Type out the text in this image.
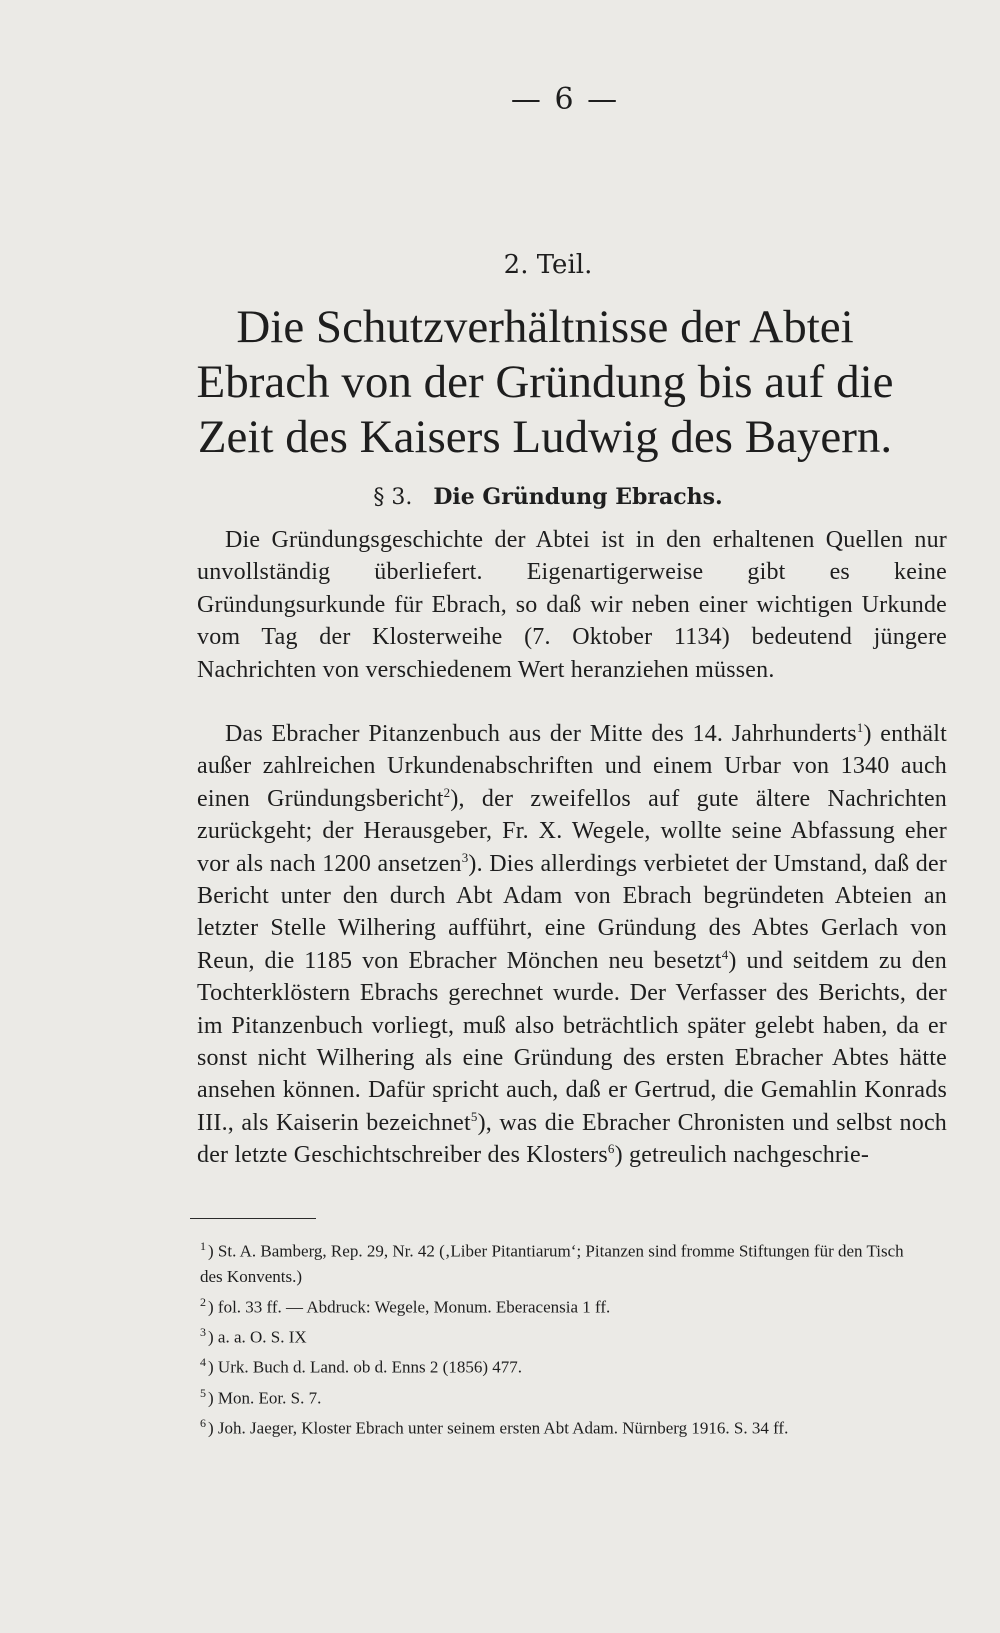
— 6 —
2. Teil.
Die Schutzverhältnisse der Abtei Ebrach von der Gründung bis auf die Zeit des Kaisers Ludwig des Bayern.
§ 3. Die Gründung Ebrachs.
Die Gründungsgeschichte der Abtei ist in den erhaltenen Quellen nur unvollständig überliefert. Eigenartigerweise gibt es keine Gründungsurkunde für Ebrach, so daß wir neben einer wichtigen Urkunde vom Tag der Klosterweihe (7. Oktober 1134) bedeutend jüngere Nachrichten von verschiedenem Wert heranziehen müssen.
Das Ebracher Pitanzenbuch aus der Mitte des 14. Jahrhunderts$^1$) enthält außer zahlreichen Urkundenabschriften und einem Urbar von 1340 auch einen Gründungsbericht$^2$), der zweifellos auf gute ältere Nachrichten zurückgeht; der Herausgeber, Fr. X. Wegele, wollte seine Abfassung eher vor als nach 1200 ansetzen$^3$). Dies allerdings verbietet der Umstand, daß der Bericht unter den durch Abt Adam von Ebrach begründeten Abteien an letzter Stelle Wilhering aufführt, eine Gründung des Abtes Gerlach von Reun, die 1185 von Ebracher Mönchen neu besetzt$^4$) und seitdem zu den Tochterklöstern Ebrachs gerechnet wurde. Der Verfasser des Berichts, der im Pitanzenbuch vorliegt, muß also beträchtlich später gelebt haben, da er sonst nicht Wilhering als eine Gründung des ersten Ebracher Abtes hätte ansehen können. Dafür spricht auch, daß er Gertrud, die Gemahlin Konrads III., als Kaiserin bezeichnet$^5$), was die Ebracher Chronisten und selbst noch der letzte Geschichtschreiber des Klosters$^6$) getreulich nachgeschrie-
$^1$ ) St. A. Bamberg, Rep. 29, Nr. 42 (‚Liber Pitantiarum‘; Pitanzen sind fromme Stiftungen für den Tisch des Konvents.)
$^2$ ) fol. 33 ff. — Abdruck: Wegele, Monum. Eberacensia 1 ff.
$^3$ ) a. a. O. S. IX
$^4$ ) Urk. Buch d. Land. ob d. Enns 2 (1856) 477.
$^5$ ) Mon. Eor. S. 7.
$^6$ ) Joh. Jaeger, Kloster Ebrach unter seinem ersten Abt Adam. Nürnberg 1916. S. 34 ff.
